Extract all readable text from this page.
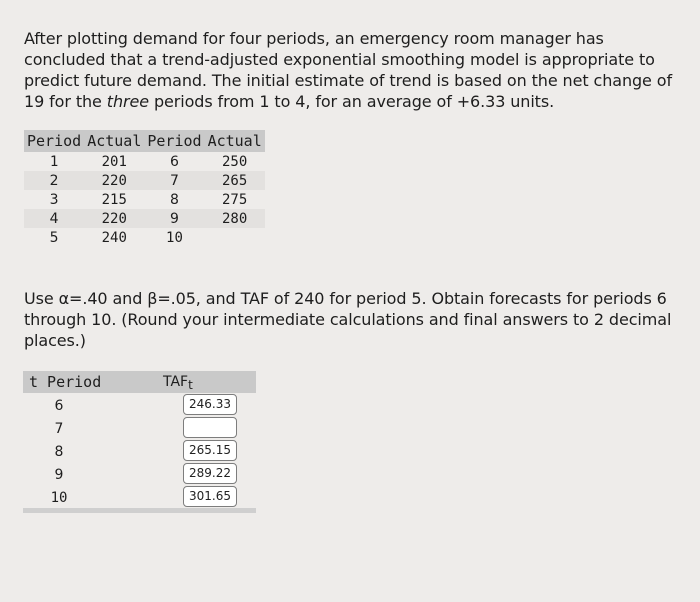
After plotting demand for four periods, an emergency room manager has concluded that a trend-adjusted exponential smoothing model is appropriate to predict future demand. The initial estimate of trend is based on the net change of 19 for the three periods from 1 to 4, for an average of +6.33 units.
Period	Actual	Period	Actual
1	201	6	250
2	220	7	265
3	215	8	275
4	220	9	280
5	240	10	
Use α=.40 and β=.05, and TAF of 240 for period 5. Obtain forecasts for periods 6 through 10. (Round your intermediate calculations and final answers to 2 decimal places.)
t Period	$TAF_t$
6	246.33
7
8	265.15
9	289.22
10	301.65
